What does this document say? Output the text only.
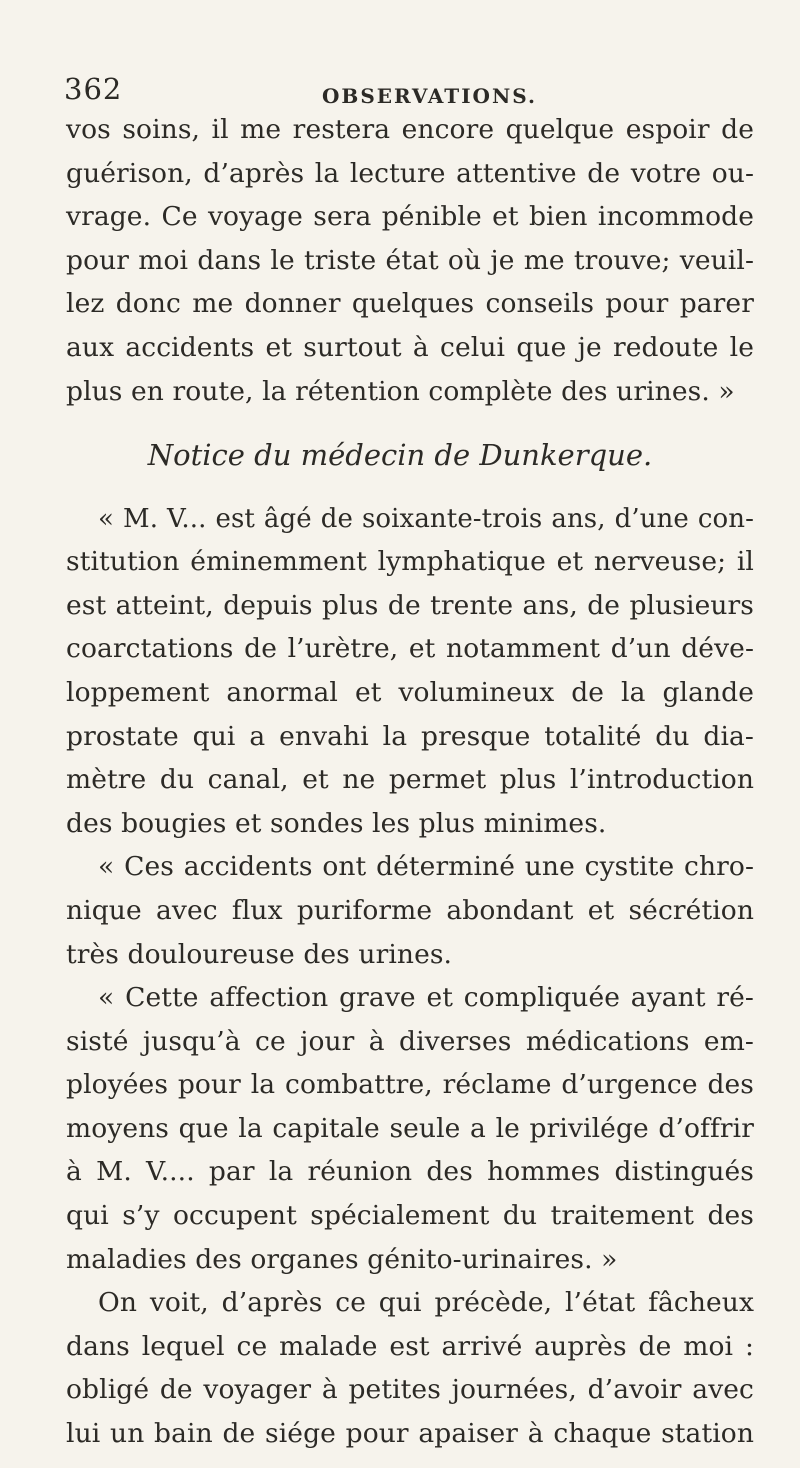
362	OBSERVATIONS.
vos soins, il me restera encore quelque espoir de
guérison, d’après la lecture attentive de votre ou-
vrage. Ce voyage sera pénible et bien incommode
pour moi dans le triste état où je me trouve; veuil-
lez donc me donner quelques conseils pour parer
aux accidents et surtout à celui que je redoute le
plus en route, la rétention complète des urines. »
Notice du médecin de Dunkerque.
« M. V... est âgé de soixante-trois ans, d’une con-
stitution éminemment lymphatique et nerveuse; il
est atteint, depuis plus de trente ans, de plusieurs
coarctations de l’urètre, et notamment d’un déve-
loppement anormal et volumineux de la glande
prostate qui a envahi la presque totalité du dia-
mètre du canal, et ne permet plus l’introduction
des bougies et sondes les plus minimes.
« Ces accidents ont déterminé une cystite chro-
nique avec flux puriforme abondant et sécrétion
très douloureuse des urines.
« Cette affection grave et compliquée ayant ré-
sisté jusqu’à ce jour à diverses médications em-
ployées pour la combattre, réclame d’urgence des
moyens que la capitale seule a le privilége d’offrir
à M. V.... par la réunion des hommes distingués
qui s’y occupent spécialement du traitement des
maladies des organes génito-urinaires. »
On voit, d’après ce qui précède, l’état fâcheux
dans lequel ce malade est arrivé auprès de moi :
obligé de voyager à petites journées, d’avoir avec
lui un bain de siége pour apaiser à chaque station
